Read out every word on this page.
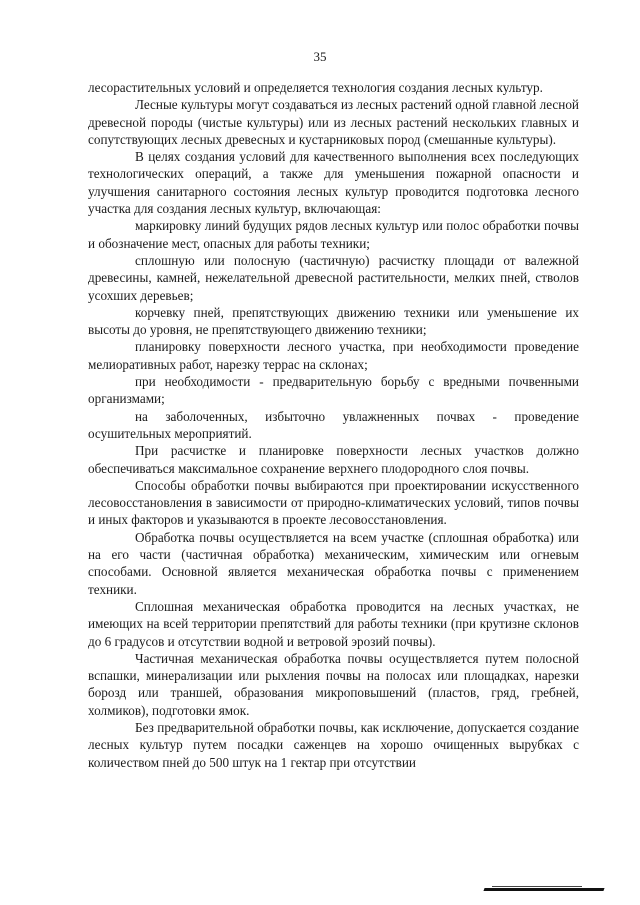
35

лесорастительных условий и определяется технология создания лесных культур.

Лесные культуры могут создаваться из лесных растений одной главной лесной древесной породы (чистые культуры) или из лесных растений нескольких главных и сопутствующих лесных древесных и кустарниковых пород (смешанные культуры).

В целях создания условий для качественного выполнения всех последующих технологических операций, а также для уменьшения пожарной опасности и улучшения санитарного состояния лесных культур проводится подготовка лесного участка для создания лесных культур, включающая:

маркировку линий будущих рядов лесных культур или полос обработки почвы и обозначение мест, опасных для работы техники;

сплошную или полосную (частичную) расчистку площади от валежной древесины, камней, нежелательной древесной растительности, мелких пней, стволов усохших деревьев;

корчевку пней, препятствующих движению техники или уменьшение их высоты до уровня, не препятствующего движению техники;

планировку поверхности лесного участка, при необходимости проведение мелиоративных работ, нарезку террас на склонах;

при необходимости - предварительную борьбу с вредными почвенными организмами;

на заболоченных, избыточно увлажненных почвах - проведение осушительных мероприятий.

При расчистке и планировке поверхности лесных участков должно обеспечиваться максимальное сохранение верхнего плодородного слоя почвы.

Способы обработки почвы выбираются при проектировании искусственного лесовосстановления в зависимости от природно-климатических условий, типов почвы и иных факторов и указываются в проекте лесовосстановления.

Обработка почвы осуществляется на всем участке (сплошная обработка) или на его части (частичная обработка) механическим, химическим или огневым способами. Основной является механическая обработка почвы с применением техники.

Сплошная механическая обработка проводится на лесных участках, не имеющих на всей территории препятствий для работы техники (при крутизне склонов до 6 градусов и отсутствии водной и ветровой эрозий почвы).

Частичная механическая обработка почвы осуществляется путем полосной вспашки, минерализации или рыхления почвы на полосах или площадках, нарезки борозд или траншей, образования микроповышений (пластов, гряд, гребней, холмиков), подготовки ямок.

Без предварительной обработки почвы, как исключение, допускается создание лесных культур путем посадки саженцев на хорошо очищенных вырубках с количеством пней до 500 штук на 1 гектар при отсутствии
